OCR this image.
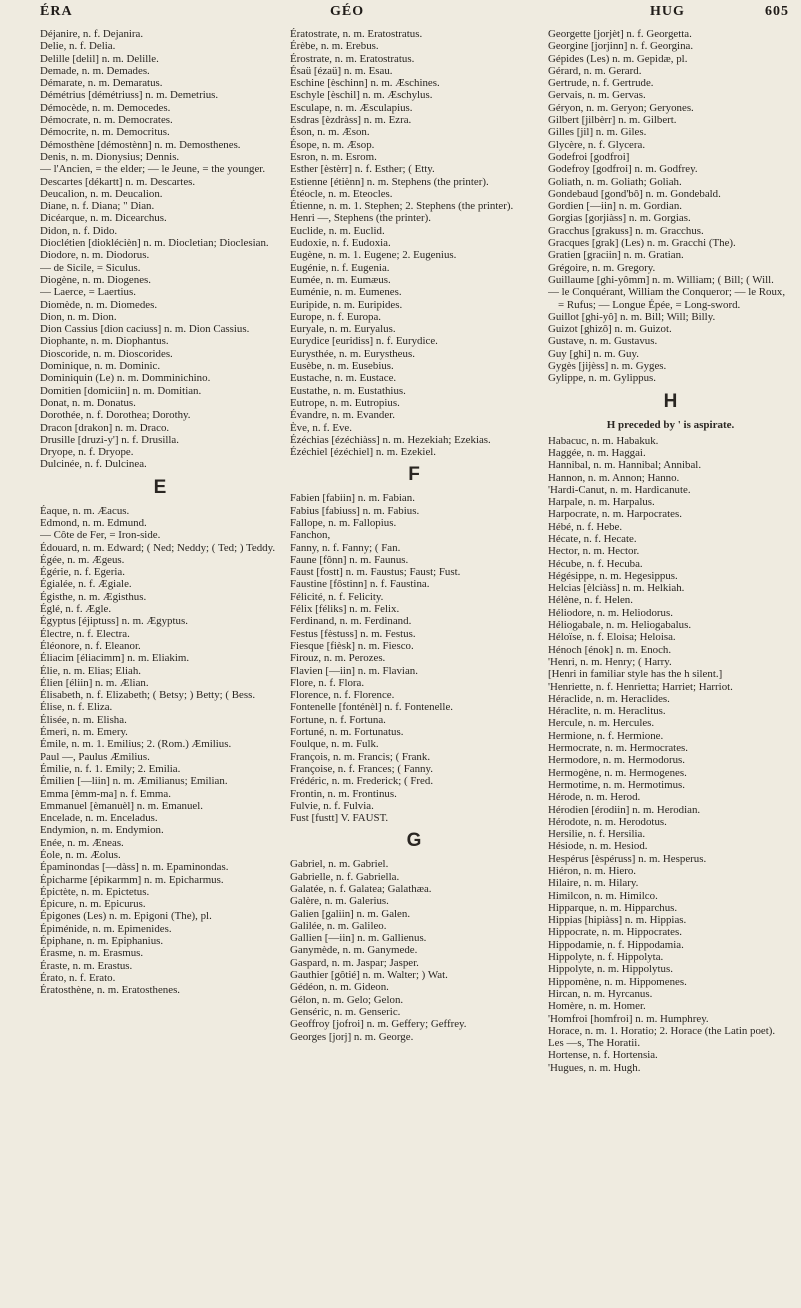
ÉRA	GÉO	HUG	605
Déjanire, n. f. Dejanira.
Delie, n. f. Delia.
Delille [delil] n. m. Delille.
Demade, n. m. Demades.
Démarate, n. m. Demaratus.
Démétrius [démétriuss] n. m. Demetrius.
Démocède, n. m. Democedes.
Démocrate, n. m. Democrates.
Démocrite, n. m. Democritus.
Démosthène [démostènn] n. m. Demosthenes.
Denis, n. m. Dionysius; Dennis.
— l'Ancien, = the elder; — le Jeune, = the younger.
Descartes [dékartt] n. m. Descartes.
Deucalion, n. m. Deucalion.
Diane, n. f. Diana; " Dian.
Dicéarque, n. m. Dicearchus.
Didon, n. f. Dido.
Dioclétien [dioklécièn] n. m. Diocletian; Dioclesian.
Diodore, n. m. Diodorus.
— de Sicile, = Siculus.
Diogène, n. m. Diogenes.
— Laerce, = Laertius.
Diomède, n. m. Diomedes.
Dion, n. m. Dion.
Dion Cassius [dion caciuss] n. m. Dion Cassius.
Diophante, n. m. Diophantus.
Dioscoride, n. m. Dioscorides.
Dominique, n. m. Dominic.
Dominiquin (Le) n. m. Domminichino.
Domitien [domiciin] n. m. Domitian.
Donat, n. m. Donatus.
Dorothée, n. f. Dorothea; Dorothy.
Dracon [drakon] n. m. Draco.
Drusille [druzi-y'] n. f. Drusilla.
Dryope, n. f. Dryope.
Dulcinée, n. f. Dulcinea.
E
Éaque, n. m. Æacus.
Edmond, n. m. Edmund.
— Côte de Fer, = Iron-side.
Édouard, n. m. Edward; ( Ned; Neddy; ( Ted; ) Teddy.
Égée, n. m. Ægeus.
Égérie, n. f. Egeria.
Égialée, n. f. Ægiale.
Égisthe, n. m. Ægisthus.
Églé, n. f. Ægle.
Égyptus [éjiptuss] n. m. Ægyptus.
Électre, n. f. Electra.
Éléonore, n. f. Eleanor.
Éliacim [éliacimm] n. m. Eliakim.
Élie, n. m. Elias; Eliah.
Élien [éliin] n. m. Ælian.
Élisabeth, n. f. Elizabeth; ( Betsy; ) Betty; ( Bess.
Élise, n. f. Eliza.
Élisée, n. m. Elisha.
Émeri, n. m. Emery.
Émile, n. m. 1. Emilius; 2. (Rom.) Æmilius.
Paul —, Paulus Æmilius.
Émilie, n. f. 1. Emily; 2. Emilia.
Émilien [—liin] n. m. Æmilianus; Emilian.
Emma [èmm-ma] n. f. Emma.
Emmanuel [èmanuèl] n. m. Emanuel.
Encelade, n. m. Enceladus.
Endymion, n. m. Endymion.
Enée, n. m. Æneas.
Éole, n. m. Æolus.
Épaminondas [—dàss] n. m. Epaminondas.
Épicharme [épikarmm] n. m. Epicharmus.
Épictète, n. m. Epictetus.
Épicure, n. m. Epicurus.
Épigones (Les) n. m. Epigoni (The), pl.
Épiménide, n. m. Epimenides.
Épiphane, n. m. Epiphanius.
Érasme, n. m. Erasmus.
Éraste, n. m. Erastus.
Érato, n. f. Erato.
Ératosthène, n. m. Eratosthenes.
Ératostrate, n. m. Eratostratus.
Érèbe, n. m. Erebus.
Érostrate, n. m. Eratostratus.
Ésaü [ézaü] n. m. Esau.
Eschine [èschinn] n. m. Æschines.
Eschyle [èschil] n. m. Æschylus.
Esculape, n. m. Æsculapius.
Esdras [èzdràss] n. m. Ezra.
Éson, n. m. Æson.
Ésope, n. m. Æsop.
Esron, n. m. Esrom.
Esther [èstèrr] n. f. Esther; ( Etty.
Estienne [étiènn] n. m. Stephens (the printer).
Étéocle, n. m. Eteocles.
Étienne, n. m. 1. Stephen; 2. Stephens (the printer).
Henri —, Stephens (the printer).
Euclide, n. m. Euclid.
Eudoxie, n. f. Eudoxia.
Eugène, n. m. 1. Eugene; 2. Eugenius.
Eugénie, n. f. Eugenia.
Eumée, n. m. Eumæus.
Euménie, n. m. Eumenes.
Euripide, n. m. Euripides.
Europe, n. f. Europa.
Euryale, n. m. Euryalus.
Eurydice [euridiss] n. f. Eurydice.
Eurysthée, n. m. Eurystheus.
Eusèbe, n. m. Eusebius.
Eustache, n. m. Eustace.
Eustathe, n. m. Eustathius.
Eutrope, n. m. Eutropius.
Évandre, n. m. Evander.
Ève, n. f. Eve.
Ézéchias [ézéchiàss] n. m. Hezekiah; Ezekias.
Ézéchiel [ézéchiel] n. m. Ezekiel.
F
Fabien [fabiin] n. m. Fabian.
Fabius [fabiuss] n. m. Fabius.
Fallope, n. m. Fallopius.
Fanchon,
Fanny, n. f. Fanny; ( Fan.
Faune [fônn] n. m. Faunus.
Faust [fostt] n. m. Faustus; Faust; Fust.
Faustine [fôstinn] n. f. Faustina.
Félicité, n. f. Felicity.
Félix [féliks] n. m. Felix.
Ferdinand, n. m. Ferdinand.
Festus [fèstuss] n. m. Festus.
Fiesque [fièsk] n. m. Fiesco.
Firouz, n. m. Perozes.
Flavien [—iin] n. m. Flavian.
Flore, n. f. Flora.
Florence, n. f. Florence.
Fontenelle [fonténèl] n. f. Fontenelle.
Fortune, n. f. Fortuna.
Fortuné, n. m. Fortunatus.
Foulque, n. m. Fulk.
François, n. m. Francis; ( Frank.
Françoise, n. f. Frances; ( Fanny.
Frédéric, n. m. Frederick; ( Fred.
Frontin, n. m. Frontinus.
Fulvie, n. f. Fulvia.
Fust [fustt] V. FAUST.
G
Gabriel, n. m. Gabriel.
Gabrielle, n. f. Gabriella.
Galatée, n. f. Galatea; Galathæa.
Galère, n. m. Galerius.
Galien [galiin] n. m. Galen.
Galilée, n. m. Galileo.
Gallien [—iin] n. m. Gallienus.
Ganymède, n. m. Ganymede.
Gaspard, n. m. Jaspar; Jasper.
Gauthier [gôtié] n. m. Walter; ) Wat.
Gédéon, n. m. Gideon.
Gélon, n. m. Gelo; Gelon.
Genséric, n. m. Genseric.
Geoffroy [jofroi] n. m. Geffery; Geffrey.
Georges [jorj] n. m. George.
Georgette [jorjèt] n. f. Georgetta.
Georgine [jorjinn] n. f. Georgina.
Gépides (Les) n. m. Gepidæ, pl.
Gérard, n. m. Gerard.
Gertrude, n. f. Gertrude.
Gervais, n. m. Gervas.
Géryon, n. m. Geryon; Geryones.
Gilbert [jilbèrr] n. m. Gilbert.
Gilles [jil] n. m. Giles.
Glycère, n. f. Glycera.
Godefroi [godfroi]
Godefroy [godfroi] n. m. Godfrey.
Goliath, n. m. Goliath; Goliah.
Gondebaud [gond'bô] n. m. Gondebald.
Gordien [—iin] n. m. Gordian.
Gorgias [gorjiàss] n. m. Gorgias.
Gracchus [grakuss] n. m. Gracchus.
Gracques [grak] (Les) n. m. Gracchi (The).
Gratien [graciin] n. m. Gratian.
Grégoire, n. m. Gregory.
Guillaume [ghi-yômm] n. m. William; ( Bill; ( Will.
— le Conquérant, William the Conqueror; — le Roux, = Rufus; — Longue Épée, = Long-sword.
Guillot [ghi-yô] n. m. Bill; Will; Billy.
Guizot [ghizô] n. m. Guizot.
Gustave, n. m. Gustavus.
Guy [ghi] n. m. Guy.
Gygès [jijèss] n. m. Gyges.
Gylippe, n. m. Gylippus.
H
H preceded by ' is aspirate.
Habacuc, n. m. Habakuk.
Haggée, n. m. Haggai.
Hannibal, n. m. Hannibal; Annibal.
Hannon, n. m. Annon; Hanno.
'Hardi-Canut, n. m. Hardicanute.
Harpale, n. m. Harpalus.
Harpocrate, n. m. Harpocrates.
Hébé, n. f. Hebe.
Hécate, n. f. Hecate.
Hector, n. m. Hector.
Hécube, n. f. Hecuba.
Hégésippe, n. m. Hegesippus.
Helcias [èlciàss] n. m. Helkiah.
Hélène, n. f. Helen.
Héliodore, n. m. Heliodorus.
Héliogabale, n. m. Heliogabalus.
Héloïse, n. f. Eloisa; Heloisa.
Hénoch [énok] n. m. Enoch.
'Henri, n. m. Henry; ( Harry.
[Henri in familiar style has the h silent.]
'Henriette, n. f. Henrietta; Harriet; Harriot.
Héraclide, n. m. Heraclides.
Héraclite, n. m. Heraclitus.
Hercule, n. m. Hercules.
Hermione, n. f. Hermione.
Hermocrate, n. m. Hermocrates.
Hermodore, n. m. Hermodorus.
Hermogène, n. m. Hermogenes.
Hermotime, n. m. Hermotimus.
Hérode, n. m. Herod.
Hérodien [érodiin] n. m. Herodian.
Hérodote, n. m. Herodotus.
Hersilie, n. f. Hersilia.
Hésiode, n. m. Hesiod.
Hespérus [èspéruss] n. m. Hesperus.
Hiéron, n. m. Hiero.
Hilaire, n. m. Hilary.
Himilcon, n. m. Himilco.
Hipparque, n. m. Hipparchus.
Hippias [hipiàss] n. m. Hippias.
Hippocrate, n. m. Hippocrates.
Hippodamie, n. f. Hippodamia.
Hippolyte, n. f. Hippolyta.
Hippolyte, n. m. Hippolytus.
Hippomène, n. m. Hippomenes.
Hircan, n. m. Hyrcanus.
Homère, n. m. Homer.
'Homfroi [homfroi] n. m. Humphrey.
Horace, n. m. 1. Horatio; 2. Horace (the Latin poet).
Les —s, The Horatii.
Hortense, n. f. Hortensia.
'Hugues, n. m. Hugh.
